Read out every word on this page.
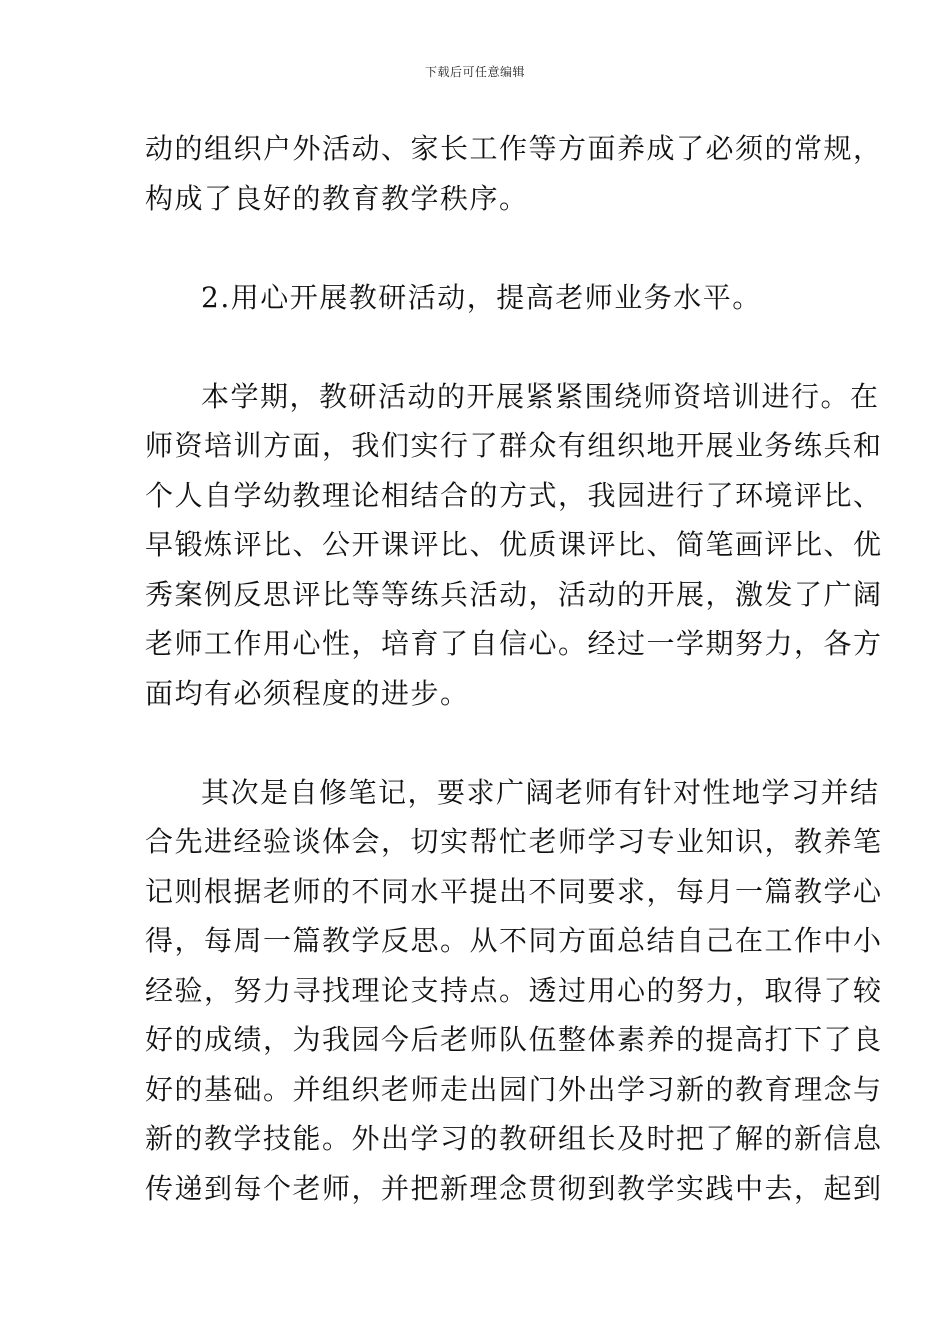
下载后可任意编辑
动的组织户外活动、家长工作等方面养成了必须的常规，
构成了良好的教育教学秩序。
2.用心开展教研活动，提高老师业务水平。
本学期，教研活动的开展紧紧围绕师资培训进行。在
师资培训方面，我们实行了群众有组织地开展业务练兵和
个人自学幼教理论相结合的方式，我园进行了环境评比、
早锻炼评比、公开课评比、优质课评比、简笔画评比、优
秀案例反思评比等等练兵活动，活动的开展，激发了广阔
老师工作用心性，培育了自信心。经过一学期努力，各方
面均有必须程度的进步。
其次是自修笔记，要求广阔老师有针对性地学习并结
合先进经验谈体会，切实帮忙老师学习专业知识，教养笔
记则根据老师的不同水平提出不同要求，每月一篇教学心
得，每周一篇教学反思。从不同方面总结自己在工作中小
经验，努力寻找理论支持点。透过用心的努力，取得了较
好的成绩，为我园今后老师队伍整体素养的提高打下了良
好的基础。并组织老师走出园门外出学习新的教育理念与
新的教学技能。外出学习的教研组长及时把了解的新信息
传递到每个老师，并把新理念贯彻到教学实践中去，起到
